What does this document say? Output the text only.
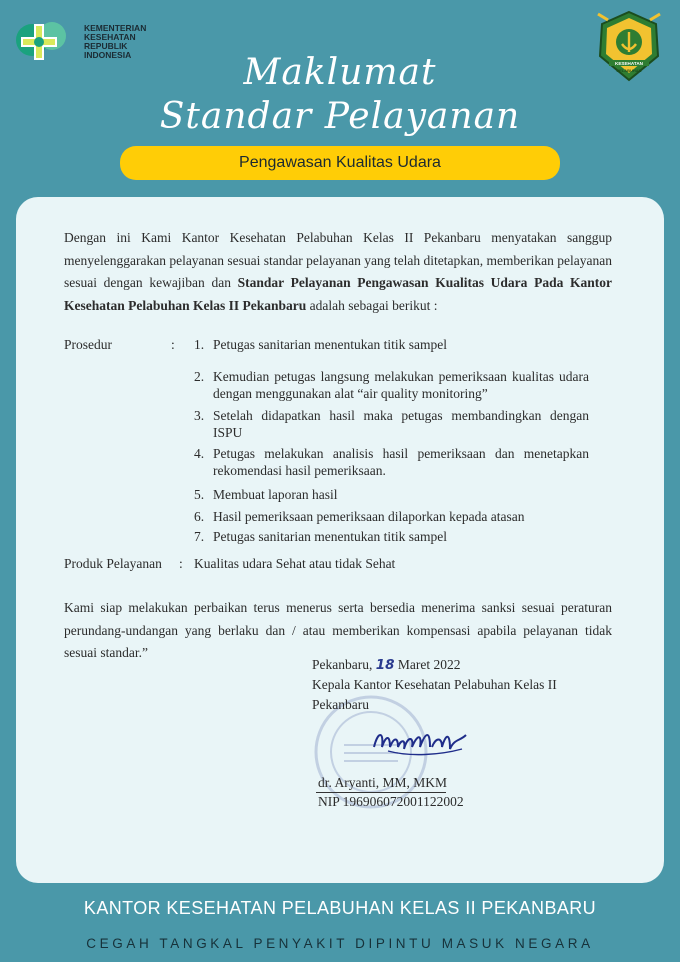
KEMENTERIAN
KESEHATAN
REPUBLIK
INDONESIA
KESEHATAN
PELABUHAN
Maklumat
Standar Pelayanan
Pengawasan Kualitas Udara
Dengan ini Kami Kantor Kesehatan Pelabuhan Kelas II Pekanbaru menyatakan sanggup menyelenggarakan pelayanan sesuai standar pelayanan yang telah ditetapkan, memberikan pelayanan sesuai dengan kewajiban dan Standar Pelayanan Pengawasan Kualitas Udara Pada Kantor Kesehatan Pelabuhan Kelas II Pekanbaru adalah sebagai berikut :
Prosedur	: 1. Petugas sanitarian menentukan titik sampel
2. Kemudian petugas langsung melakukan pemeriksaan kualitas udara dengan menggunakan alat “air quality monitoring”
3. Setelah didapatkan hasil maka petugas membandingkan dengan ISPU
4. Petugas melakukan analisis hasil pemeriksaan dan menetapkan rekomendasi hasil pemeriksaan.
5. Membuat laporan hasil
6. Hasil pemeriksaan pemeriksaan dilaporkan kepada atasan
7. Petugas sanitarian menentukan titik sampel
Produk Pelayanan : Kualitas udara Sehat atau tidak Sehat
Kami siap melakukan perbaikan terus menerus serta bersedia menerima sanksi sesuai peraturan perundang-undangan yang berlaku dan / atau memberikan kompensasi apabila pelayanan tidak sesuai standar.”
Pekanbaru, 18 Maret 2022
Kepala Kantor Kesehatan Pelabuhan Kelas II Pekanbaru
dr. Aryanti, MM, MKM
NIP 196906072001122002
KANTOR KESEHATAN PELABUHAN KELAS II PEKANBARU
CEGAH TANGKAL PENYAKIT DIPINTU MASUK NEGARA
